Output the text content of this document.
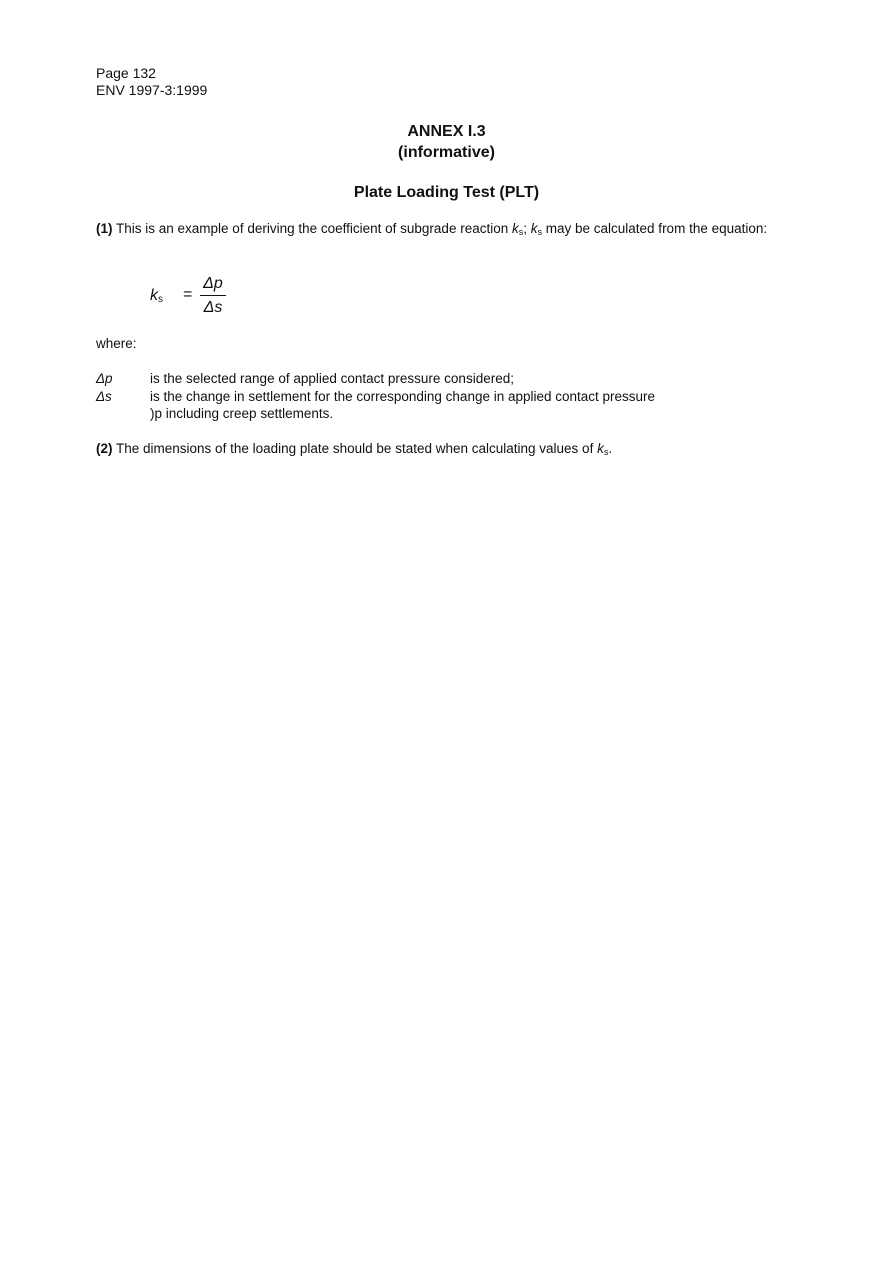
Page 132
ENV 1997-3:1999
ANNEX I.3
(informative)
Plate Loading Test (PLT)
(1) This is an example of deriving the coefficient of subgrade reaction $k_s$; $k_s$ may be calculated from the equation:
$k_s$ =
Δp
Δs
where:
Δp	is the selected range of applied contact pressure considered;
Δs	is the change in settlement for the corresponding change in applied contact pressure )p including creep settlements.
(2) The dimensions of the loading plate should be stated when calculating values of $k_s$.
